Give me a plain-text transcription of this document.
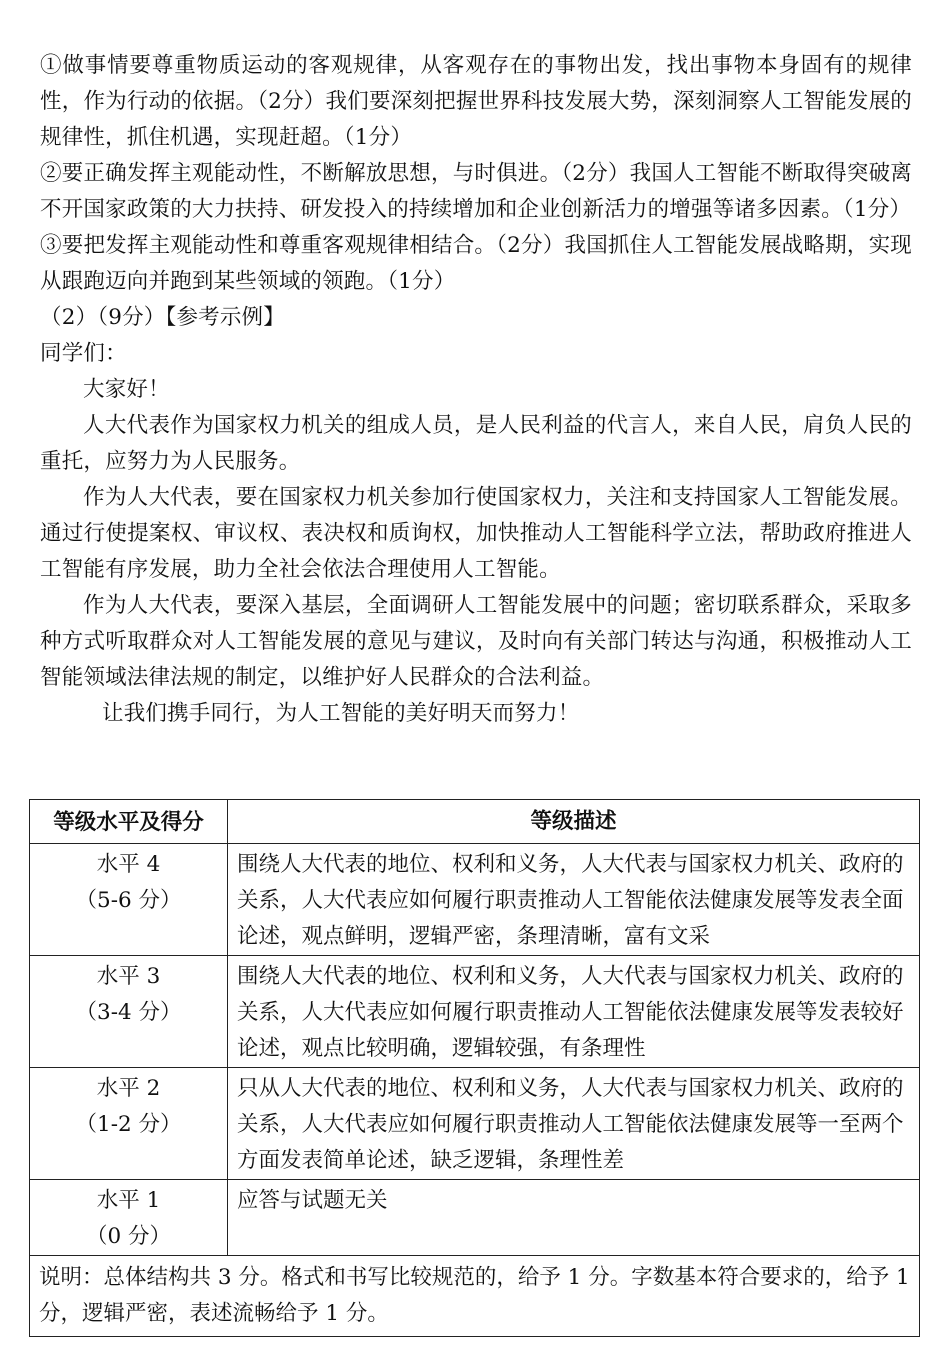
①做事情要尊重物质运动的客观规律，从客观存在的事物出发，找出事物本身固有的规律性，作为行动的依据。（2分）我们要深刻把握世界科技发展大势，深刻洞察人工智能发展的规律性，抓住机遇，实现赶超。（1分）

②要正确发挥主观能动性，不断解放思想，与时俱进。（2分）我国人工智能不断取得突破离不开国家政策的大力扶持、研发投入的持续增加和企业创新活力的增强等诸多因素。（1分）

③要把发挥主观能动性和尊重客观规律相结合。（2分）我国抓住人工智能发展战略期，实现从跟跑迈向并跑到某些领域的领跑。（1分）

（2）（9分）【参考示例】

同学们：

大家好！

人大代表作为国家权力机关的组成人员，是人民利益的代言人，来自人民，肩负人民的重托，应努力为人民服务。

作为人大代表，要在国家权力机关参加行使国家权力，关注和支持国家人工智能发展。通过行使提案权、审议权、表决权和质询权，加快推动人工智能科学立法，帮助政府推进人工智能有序发展，助力全社会依法合理使用人工智能。

作为人大代表，要深入基层，全面调研人工智能发展中的问题；密切联系群众，采取多种方式听取群众对人工智能发展的意见与建议，及时向有关部门转达与沟通，积极推动人工智能领域法律法规的制定，以维护好人民群众的合法利益。

让我们携手同行，为人工智能的美好明天而努力！

等级水平及得分	等级描述

水平 4
（5-6 分）	围绕人大代表的地位、权利和义务，人大代表与国家权力机关、政府的关系，人大代表应如何履行职责推动人工智能依法健康发展等发表全面论述，观点鲜明，逻辑严密，条理清晰，富有文采

水平 3
（3-4 分）	围绕人大代表的地位、权利和义务，人大代表与国家权力机关、政府的关系，人大代表应如何履行职责推动人工智能依法健康发展等发表较好论述，观点比较明确，逻辑较强，有条理性

水平 2
（1-2 分）	只从人大代表的地位、权利和义务，人大代表与国家权力机关、政府的关系，人大代表应如何履行职责推动人工智能依法健康发展等一至两个方面发表简单论述，缺乏逻辑，条理性差

水平 1
（0 分）	应答与试题无关
说明：总体结构共 3 分。格式和书写比较规范的，给予 1 分。字数基本符合要求的，给予 1 分，逻辑严密，表述流畅给予 1 分。	
